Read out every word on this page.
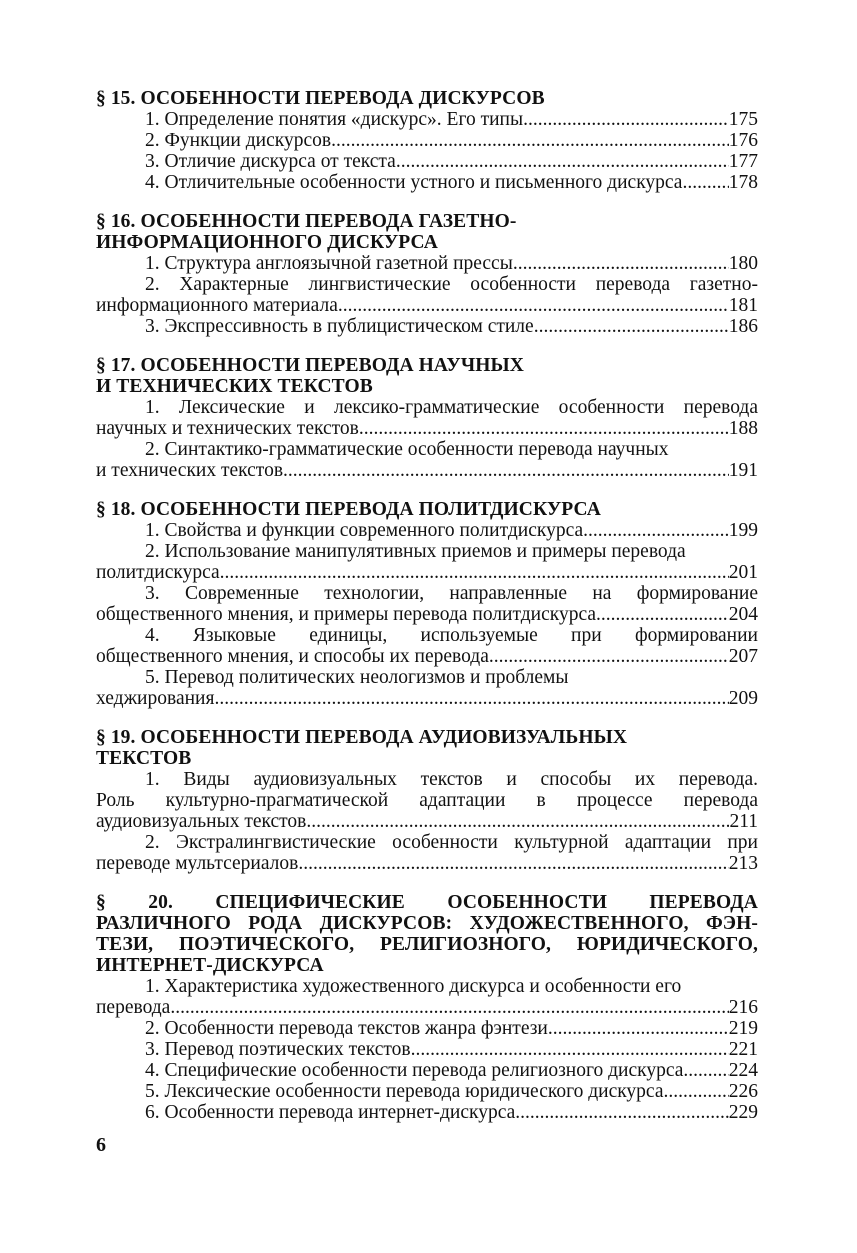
§ 15. ОСОБЕННОСТИ ПЕРЕВОДА ДИСКУРСОВ
1. Определение понятия «дискурс». Его типы .....	175
2. Функции дискурсов .....	176
3. Отличие дискурса от текста .....	177
4. Отличительные особенности устного и письменного дискурса ..... 178
§ 16. ОСОБЕННОСТИ ПЕРЕВОДА ГАЗЕТНО-
ИНФОРМАЦИОННОГО ДИСКУРСА
1. Структура англоязычной газетной прессы .....	180
2. Характерные лингвистические особенности перевода газетно-
информационного материала .....	181
3. Экспрессивность в публицистическом стиле .....	186
§ 17. ОСОБЕННОСТИ ПЕРЕВОДА НАУЧНЫХ
И ТЕХНИЧЕСКИХ ТЕКСТОВ
1. Лексические и лексико-грамматические особенности перевода
научных и технических текстов .....	188
2. Синтактико-грамматические особенности перевода научных
и технических текстов .....	191
§ 18. ОСОБЕННОСТИ ПЕРЕВОДА ПОЛИТДИСКУРСА
1. Свойства и функции современного политдискурса .....	199
2. Использование манипулятивных приемов и примеры перевода
политдискурса .....	201
3. Современные технологии, направленные на формирование
общественного мнения, и примеры перевода политдискурса .....	204
4. Языковые единицы, используемые при формировании
общественного мнения, и способы их перевода .....	207
5. Перевод политических неологизмов и проблемы
хеджирования .....	209
§ 19. ОСОБЕННОСТИ ПЕРЕВОДА АУДИОВИЗУАЛЬНЫХ
ТЕКСТОВ
1. Виды аудиовизуальных текстов и способы их перевода.
Роль культурно-прагматической адаптации в процессе перевода
аудиовизуальных текстов .....	211
2. Экстралингвистические особенности культурной адаптации при
переводе мультсериалов .....	213
§ 20. СПЕЦИФИЧЕСКИЕ ОСОБЕННОСТИ ПЕРЕВОДА
РАЗЛИЧНОГО РОДА ДИСКУРСОВ: ХУДОЖЕСТВЕННОГО, ФЭН-
ТЕЗИ, ПОЭТИЧЕСКОГО, РЕЛИГИОЗНОГО, ЮРИДИЧЕСКОГО,
ИНТЕРНЕТ-ДИСКУРСА
1. Характеристика художественного дискурса и особенности его
перевода .....	216
2. Особенности перевода текстов жанра фэнтези .....	219
3. Перевод поэтических текстов .....	221
4. Специфические особенности перевода религиозного дискурса ..... 224
5. Лексические особенности перевода юридического дискурса .....	226
6. Особенности перевода интернет-дискурса .....	229
6
